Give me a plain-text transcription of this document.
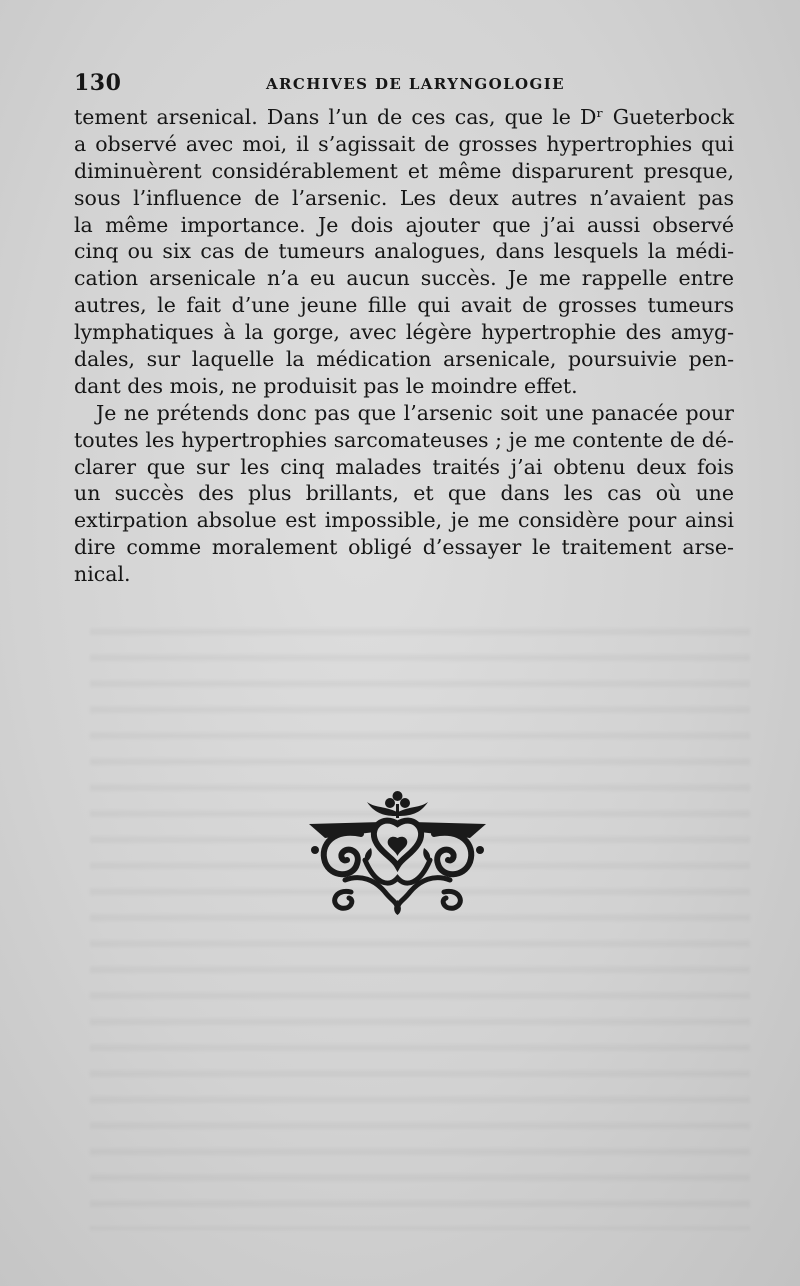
130	ARCHIVES DE LARYNGOLOGIE
tement arsenical. Dans l’un de ces cas, que le Dʳ Gueterbock
a observé avec moi, il s’agissait de grosses hypertrophies qui
diminuèrent considérablement et même disparurent presque,
sous l’influence de l’arsenic. Les deux autres n’avaient pas
la même importance. Je dois ajouter que j’ai aussi observé
cinq ou six cas de tumeurs analogues, dans lesquels la médi-
cation arsenicale n’a eu aucun succès. Je me rappelle entre
autres, le fait d’une jeune fille qui avait de grosses tumeurs
lymphatiques à la gorge, avec légère hypertrophie des amyg-
dales, sur laquelle la médication arsenicale, poursuivie pen-
dant des mois, ne produisit pas le moindre effet.
Je ne prétends donc pas que l’arsenic soit une panacée pour
toutes les hypertrophies sarcomateuses ; je me contente de dé-
clarer que sur les cinq malades traités j’ai obtenu deux fois
un succès des plus brillants, et que dans les cas où une
extirpation absolue est impossible, je me considère pour ainsi
dire comme moralement obligé d’essayer le traitement arse-
nical.
